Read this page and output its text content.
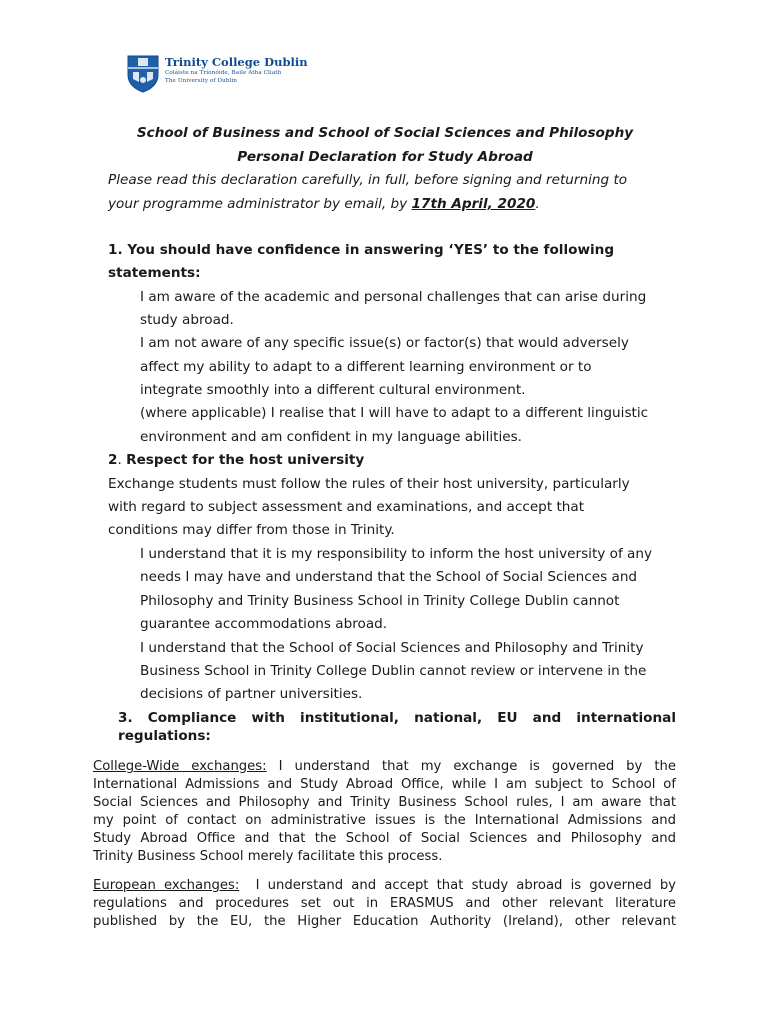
Trinity College Dublin
Coláiste na Tríonóide, Baile Átha Cliath
The University of Dublin
School of Business and School of Social Sciences and Philosophy
Personal Declaration for Study Abroad
Please read this declaration carefully, in full, before signing and returning to
your programme administrator by email, by 17th April, 2020.
1. You should have confidence in answering ‘YES’ to the following
statements:
I am aware of the academic and personal challenges that can arise during
study abroad.
I am not aware of any specific issue(s) or factor(s) that would adversely
affect my ability to adapt to a different learning environment or to
integrate smoothly into a different cultural environment.
(where applicable) I realise that I will have to adapt to a different linguistic
environment and am confident in my language abilities.
2. Respect for the host university
Exchange students must follow the rules of their host university, particularly
with regard to subject assessment and examinations, and accept that
conditions may differ from those in Trinity.
I understand that it is my responsibility to inform the host university of any
needs I may have and understand that the School of Social Sciences and
Philosophy and Trinity Business School in Trinity College Dublin cannot
guarantee accommodations abroad.
I understand that the School of Social Sciences and Philosophy and Trinity
Business School in Trinity College Dublin cannot review or intervene in the
decisions of partner universities.
3. Compliance with institutional, national, EU and international
regulations:
College-Wide exchanges: I understand that my exchange is governed by the
International Admissions and Study Abroad Office, while I am subject to School of
Social Sciences and Philosophy and Trinity Business School rules, I am aware that
my point of contact on administrative issues is the International Admissions and
Study Abroad Office and that the School of Social Sciences and Philosophy and
Trinity Business School merely facilitate this process.
European exchanges:  I understand and accept that study abroad is governed by
regulations and procedures set out in ERASMUS and other relevant literature
published by the EU, the Higher Education Authority (Ireland), other relevant
